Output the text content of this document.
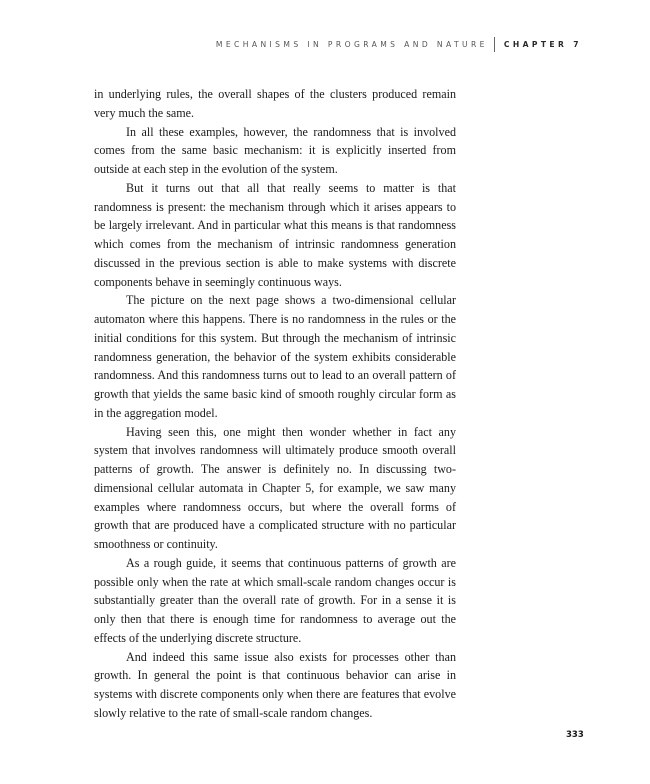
MECHANISMS IN PROGRAMS AND NATURE CHAPTER 7

in underlying rules, the overall shapes of the clusters produced remain very much the same.

In all these examples, however, the randomness that is involved comes from the same basic mechanism: it is explicitly inserted from outside at each step in the evolution of the system.

But it turns out that all that really seems to matter is that randomness is present: the mechanism through which it arises appears to be largely irrelevant. And in particular what this means is that randomness which comes from the mechanism of intrinsic randomness generation discussed in the previous section is able to make systems with discrete components behave in seemingly continuous ways.

The picture on the next page shows a two-dimensional cellular automaton where this happens. There is no randomness in the rules or the initial conditions for this system. But through the mechanism of intrinsic randomness generation, the behavior of the system exhibits considerable randomness. And this randomness turns out to lead to an overall pattern of growth that yields the same basic kind of smooth roughly circular form as in the aggregation model.

Having seen this, one might then wonder whether in fact any system that involves randomness will ultimately produce smooth overall patterns of growth. The answer is definitely no. In discussing two-dimensional cellular automata in Chapter 5, for example, we saw many examples where randomness occurs, but where the overall forms of growth that are produced have a complicated structure with no particular smoothness or continuity.

As a rough guide, it seems that continuous patterns of growth are possible only when the rate at which small-scale random changes occur is substantially greater than the overall rate of growth. For in a sense it is only then that there is enough time for randomness to average out the effects of the underlying discrete structure.

And indeed this same issue also exists for processes other than growth. In general the point is that continuous behavior can arise in systems with discrete components only when there are features that evolve slowly relative to the rate of small-scale random changes.

333
